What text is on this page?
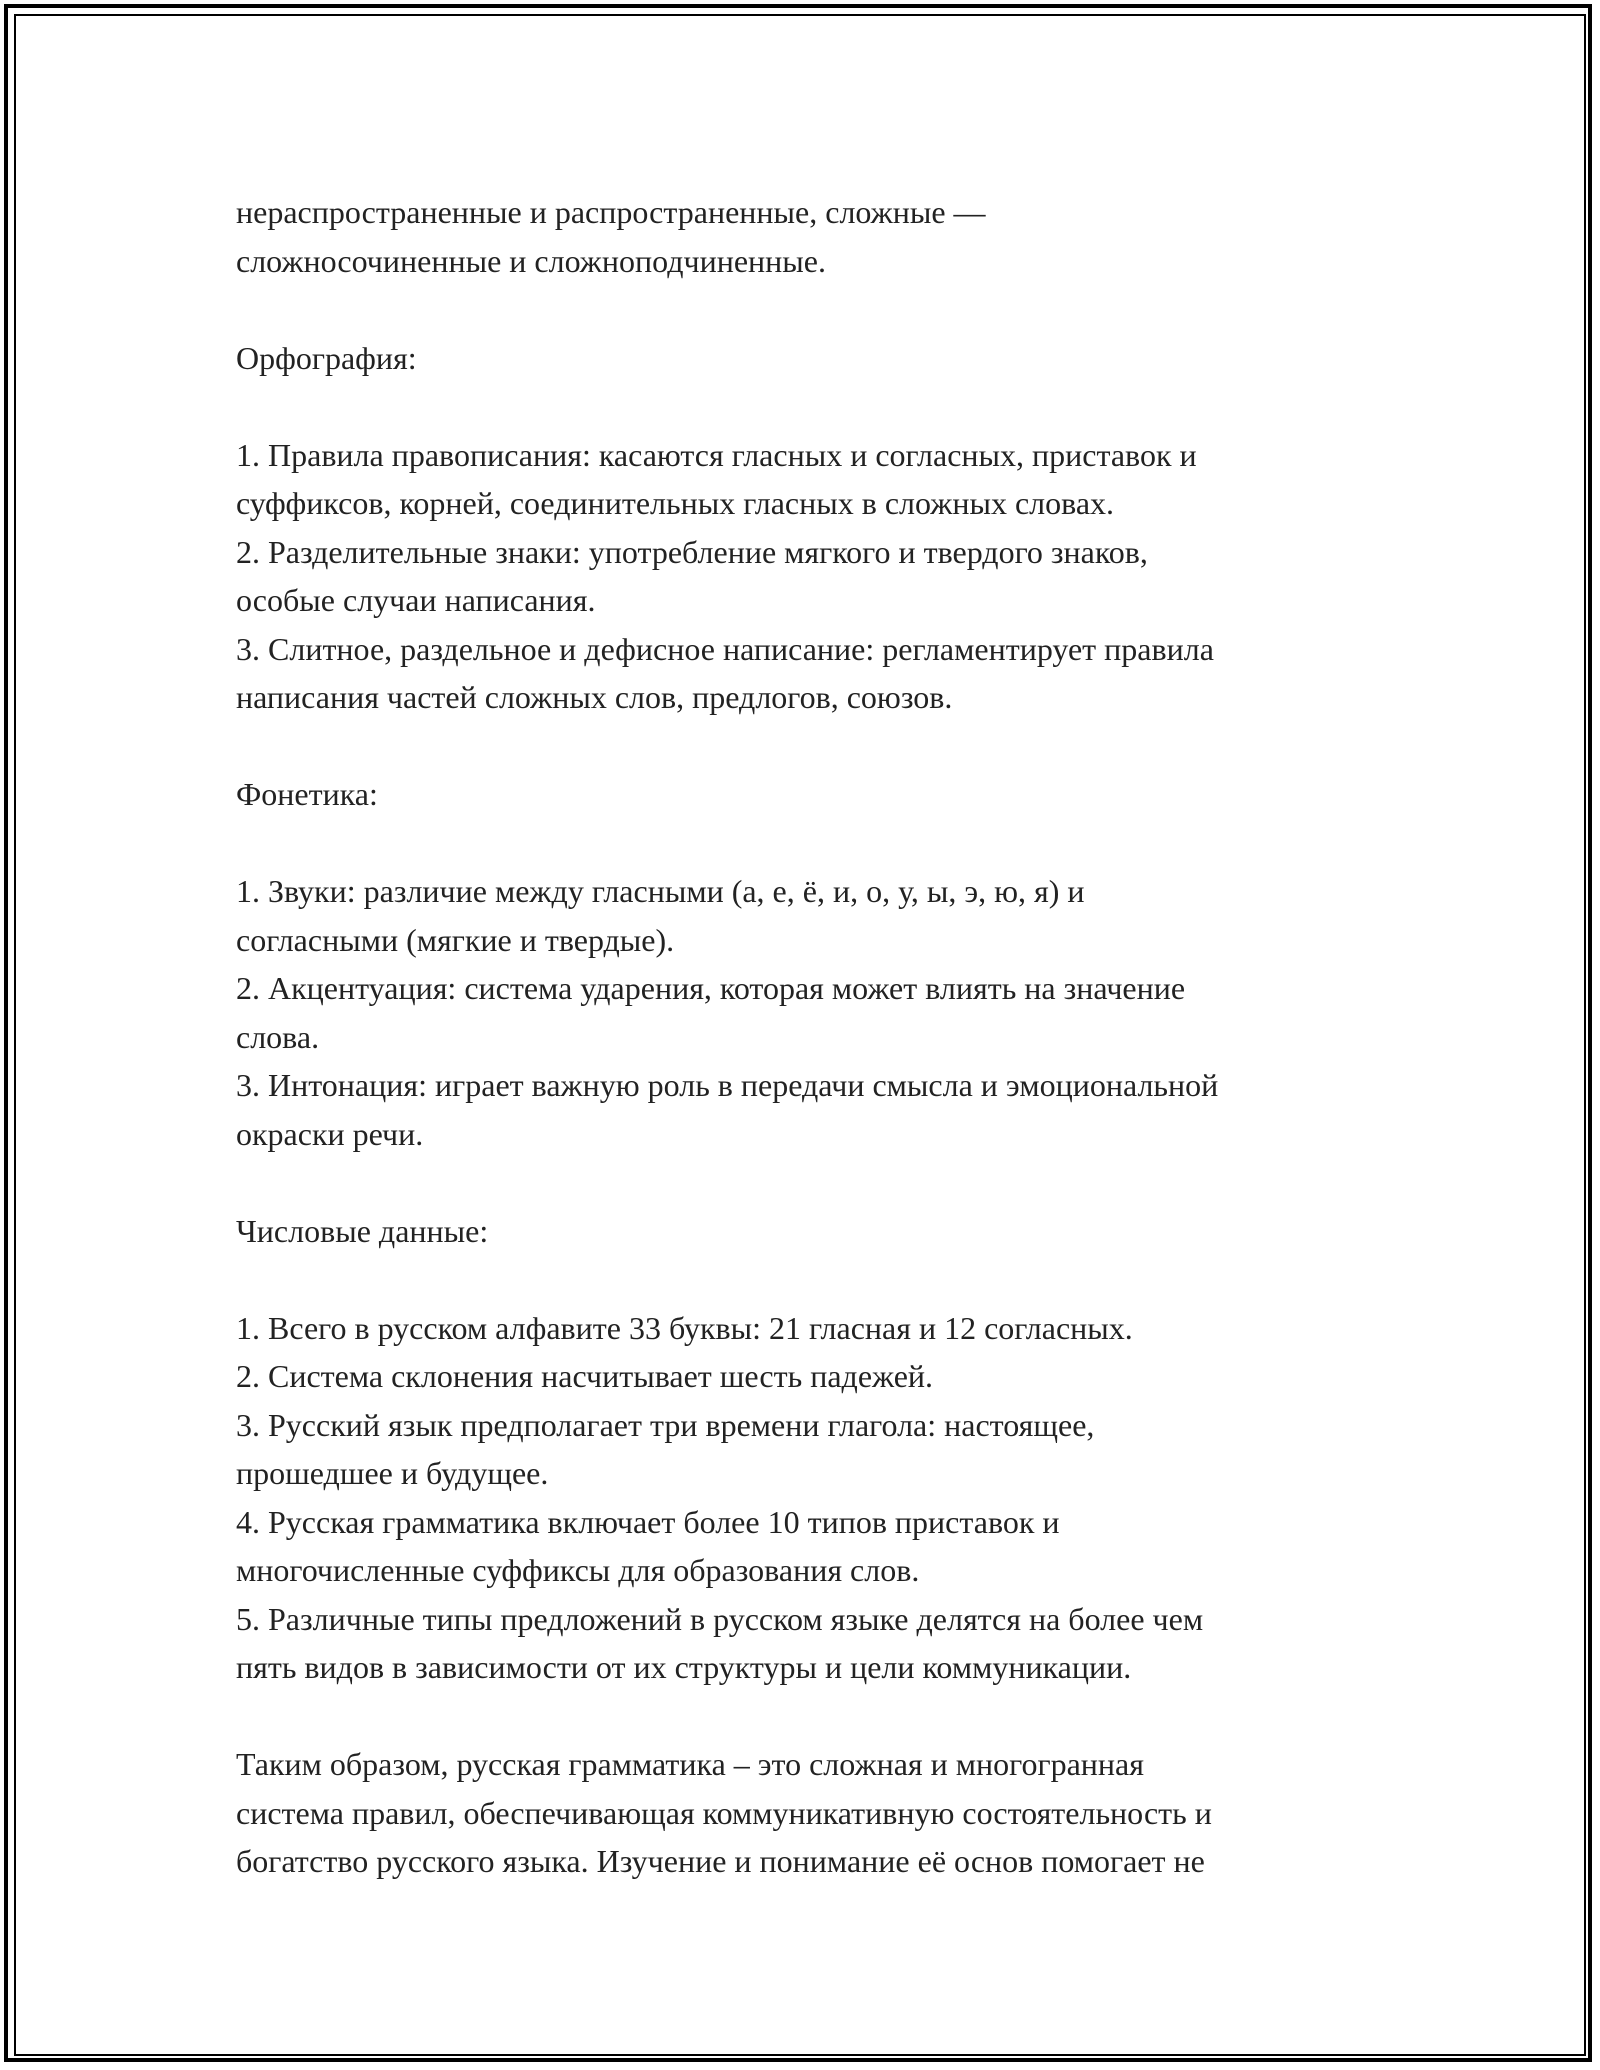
нераспространенные и распространенные, сложные —

сложносочиненные и сложноподчиненные.

Орфография:

1. Правила правописания: касаются гласных и согласных, приставок и

суффиксов, корней, соединительных гласных в сложных словах.

2. Разделительные знаки: употребление мягкого и твердого знаков,

особые случаи написания.

3. Слитное, раздельное и дефисное написание: регламентирует правила

написания частей сложных слов, предлогов, союзов.

Фонетика:

1. Звуки: различие между гласными (а, е, ё, и, о, у, ы, э, ю, я) и

согласными (мягкие и твердые).

2. Акцентуация: система ударения, которая может влиять на значение

слова.

3. Интонация: играет важную роль в передачи смысла и эмоциональной

окраски речи.

Числовые данные:

1. Всего в русском алфавите 33 буквы: 21 гласная и 12 согласных.

2. Система склонения насчитывает шесть падежей.

3. Русский язык предполагает три времени глагола: настоящее,

прошедшее и будущее.

4. Русская грамматика включает более 10 типов приставок и

многочисленные суффиксы для образования слов.

5. Различные типы предложений в русском языке делятся на более чем

пять видов в зависимости от их структуры и цели коммуникации.

Таким образом, русская грамматика – это сложная и многогранная

система правил, обеспечивающая коммуникативную состоятельность и

богатство русского языка. Изучение и понимание её основ помогает не
